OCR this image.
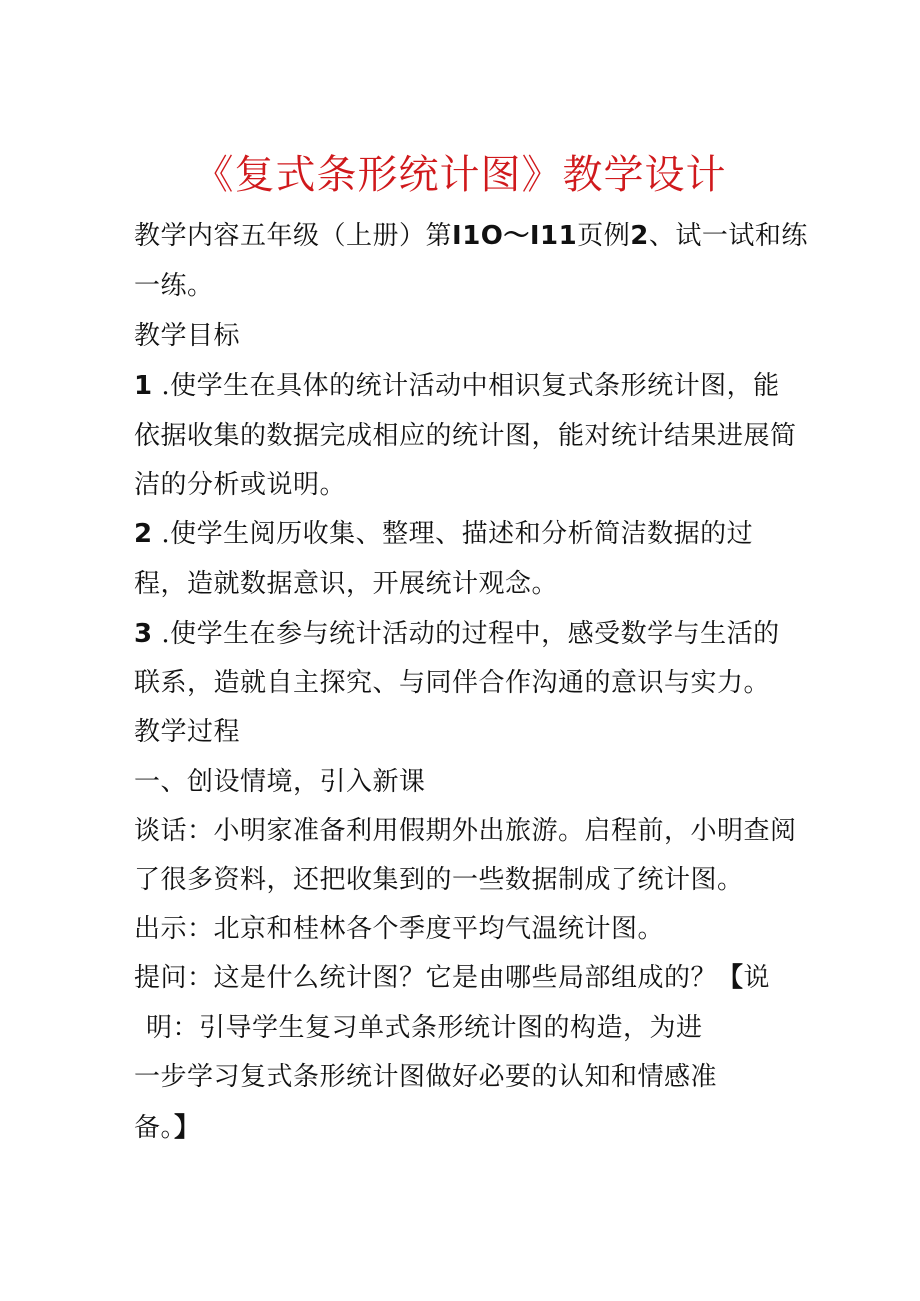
《复式条形统计图》教学设计
教学内容五年级（上册）第I1O～I11页例2、试一试和练
一练。
教学目标
1 .使学生在具体的统计活动中相识复式条形统计图，能
依据收集的数据完成相应的统计图，能对统计结果进展简
洁的分析或说明。
2 .使学生阅历收集、整理、描述和分析简洁数据的过
程，造就数据意识，开展统计观念。
3 .使学生在参与统计活动的过程中，感受数学与生活的
联系，造就自主探究、与同伴合作沟通的意识与实力。
教学过程
一、创设情境，引入新课
谈话：小明家准备利用假期外出旅游。启程前，小明查阅
了很多资料，还把收集到的一些数据制成了统计图。
出示：北京和桂林各个季度平均气温统计图。
提问：这是什么统计图？它是由哪些局部组成的？【说
明：引导学生复习单式条形统计图的构造，为进
一步学习复式条形统计图做好必要的认知和情感准
备。】
